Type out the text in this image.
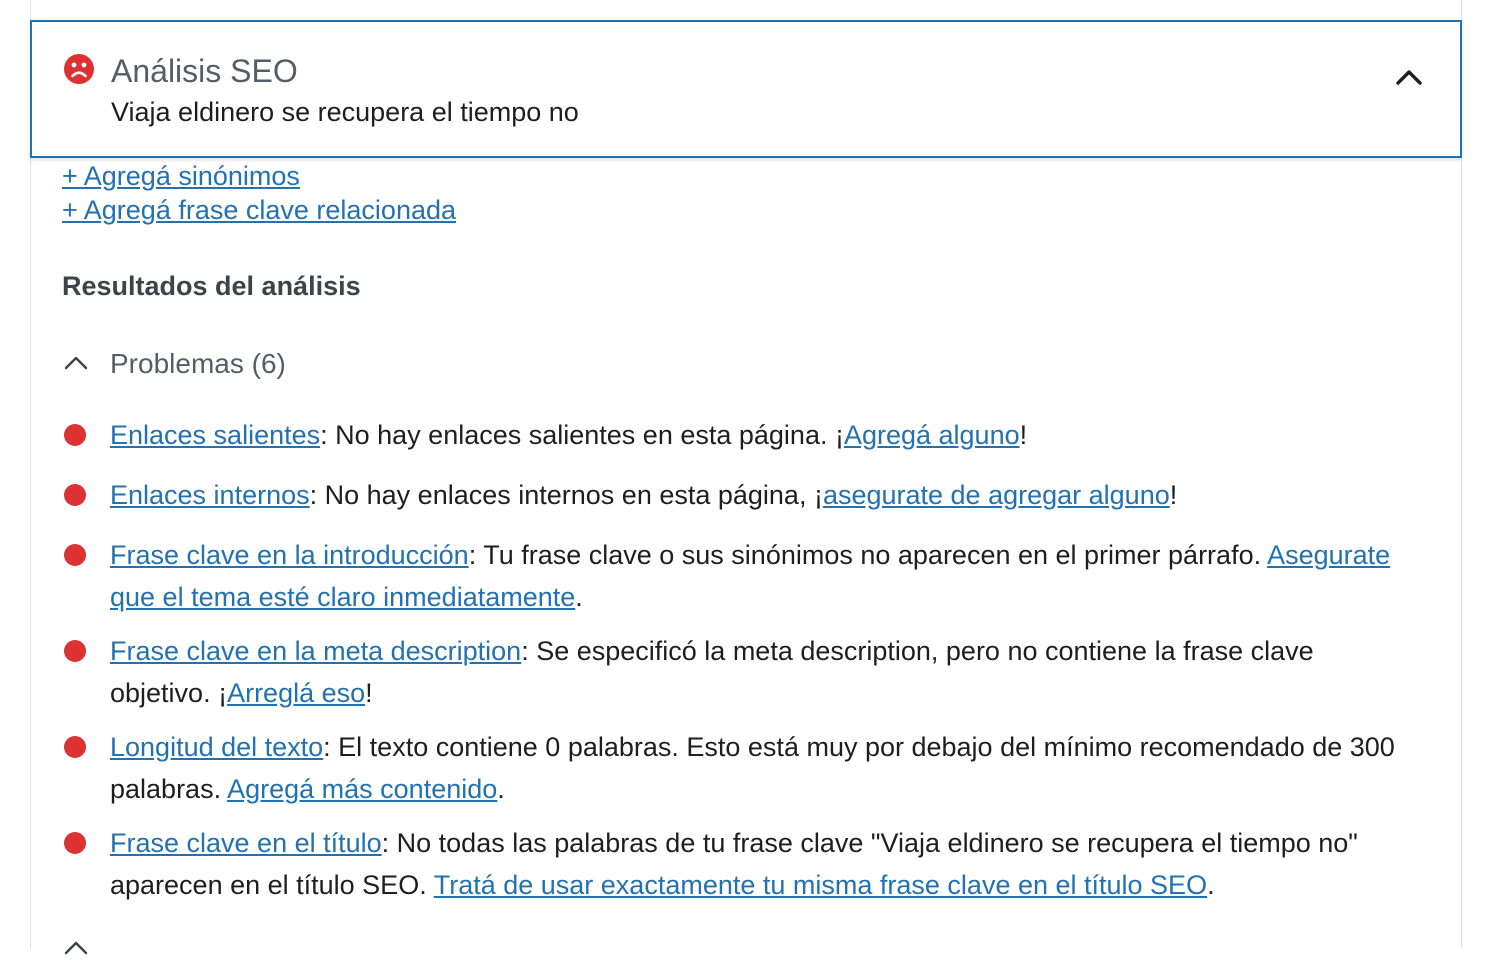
Análisis SEO
Viaja eldinero se recupera el tiempo no
+ Agregá sinónimos
+ Agregá frase clave relacionada
Resultados del análisis
Problemas (6)
Enlaces salientes: No hay enlaces salientes en esta página. ¡Agregá alguno!
Enlaces internos: No hay enlaces internos en esta página, ¡asegurate de agregar alguno!
Frase clave en la introducción: Tu frase clave o sus sinónimos no aparecen en el primer párrafo. Asegurate que el tema esté claro inmediatamente.
Frase clave en la meta description: Se especificó la meta description, pero no contiene la frase clave objetivo. ¡Arreglá eso!
Longitud del texto: El texto contiene 0 palabras. Esto está muy por debajo del mínimo recomendado de 300 palabras. Agregá más contenido.
Frase clave en el título: No todas las palabras de tu frase clave "Viaja eldinero se recupera el tiempo no" aparecen en el título SEO. Tratá de usar exactamente tu misma frase clave en el título SEO.
